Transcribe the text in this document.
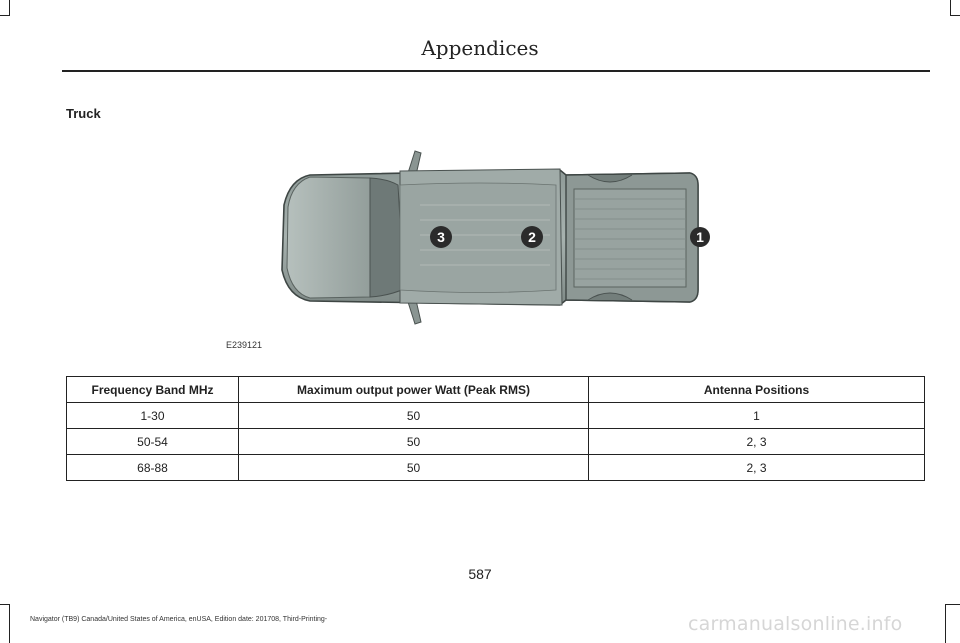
Appendices
Truck
3	2	1
E239121
Frequency Band MHz	Maximum output power Watt (Peak RMS)	Antenna Positions
1-30	50	1
50-54	50	2, 3
68-88	50	2, 3
587
Navigator (TB9) Canada/United States of America, enUSA, Edition date: 201708, Third-Printing-	carmanualsonline.info
